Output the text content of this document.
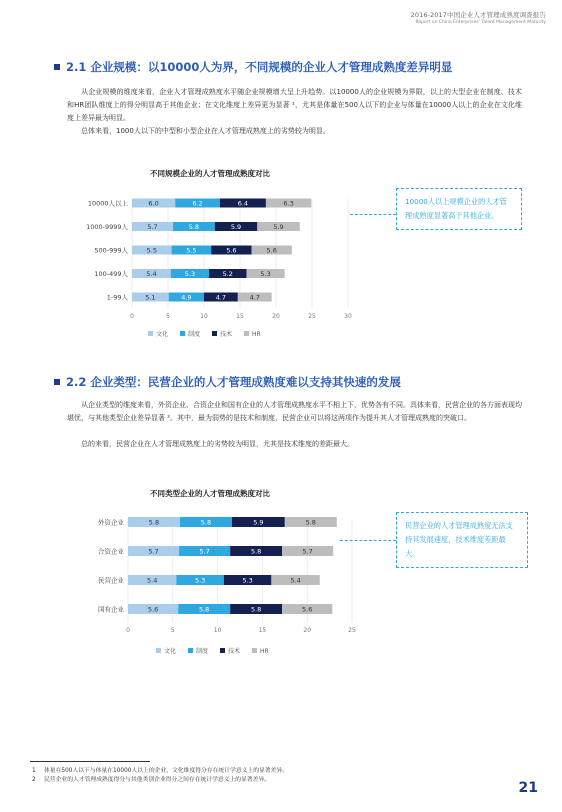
2016-2017中国企业人才管理成熟度调查报告
Report on China Enterprises' Talent Management Maturity
2.1 企业规模：以10000人为界，不同规模的企业人才管理成熟度差异明显
从企业规模的维度来看，企业人才管理成熟度水平随企业规模增大呈上升趋势。以10000人的企业规模为界限，以上的大型企业在制度、技术和HR团队维度上的得分明显高于其他企业；在文化维度上差异更为显著 ¹，尤其是体量在500人以下的企业与体量在10000人以上的企业在文化维度上差异最为明显。
总体来看，1000人以下的中型和小型企业在人才管理成熟度上的劣势较为明显。
不同规模企业的人才管理成熟度对比
0	5	10	15	20	25	30
10000人以上	6.0	6.2	6.4	6.3
1000-9999人	5.7	5.8	5.9	5.9
500-999人	5.5	5.5	5.6	5.6
100-499人	5.4	5.3	5.2	5.3
1-99人	5.1	4.9	4.7	4.7
文化	制度	技术	HR
10000人以上规模企业的人才管理成熟度显著高于其他企业。
2.2 企业类型：民营企业的人才管理成熟度难以支持其快速的发展
从企业类型的维度来看，外资企业、合资企业和国有企业的人才管理成熟度水平不相上下，优势各有不同。具体来看，民营企业的各方面表现均堪忧，与其他类型企业差异显著 ²。其中，最为弱势的是技术和制度，民营企业可以将这两项作为提升其人才管理成熟度的突破口。
总的来看，民营企业在人才管理成熟度上的劣势较为明显，尤其是技术维度的差距最大。
不同类型企业的人才管理成熟度对比
0	5	10	15	20	25
外资企业	5.8	5.8	5.9	5.8
合资企业	5.7	5.7	5.8	5.7
民营企业	5.4	5.3	5.3	5.4
国有企业	5.6	5.8	5.8	5.6
文化	制度	技术	HR
民营企业的人才管理成熟度无法支持其发展速度，技术维度差距最大。
1 体量在500人以下与体量在10000人以上的企业，文化维度得分存在统计学意义上的显著差异。
2 民营企业的人才管理成熟度得分与其他类别企业得分之间存在统计学意义上的显著差异。	21
